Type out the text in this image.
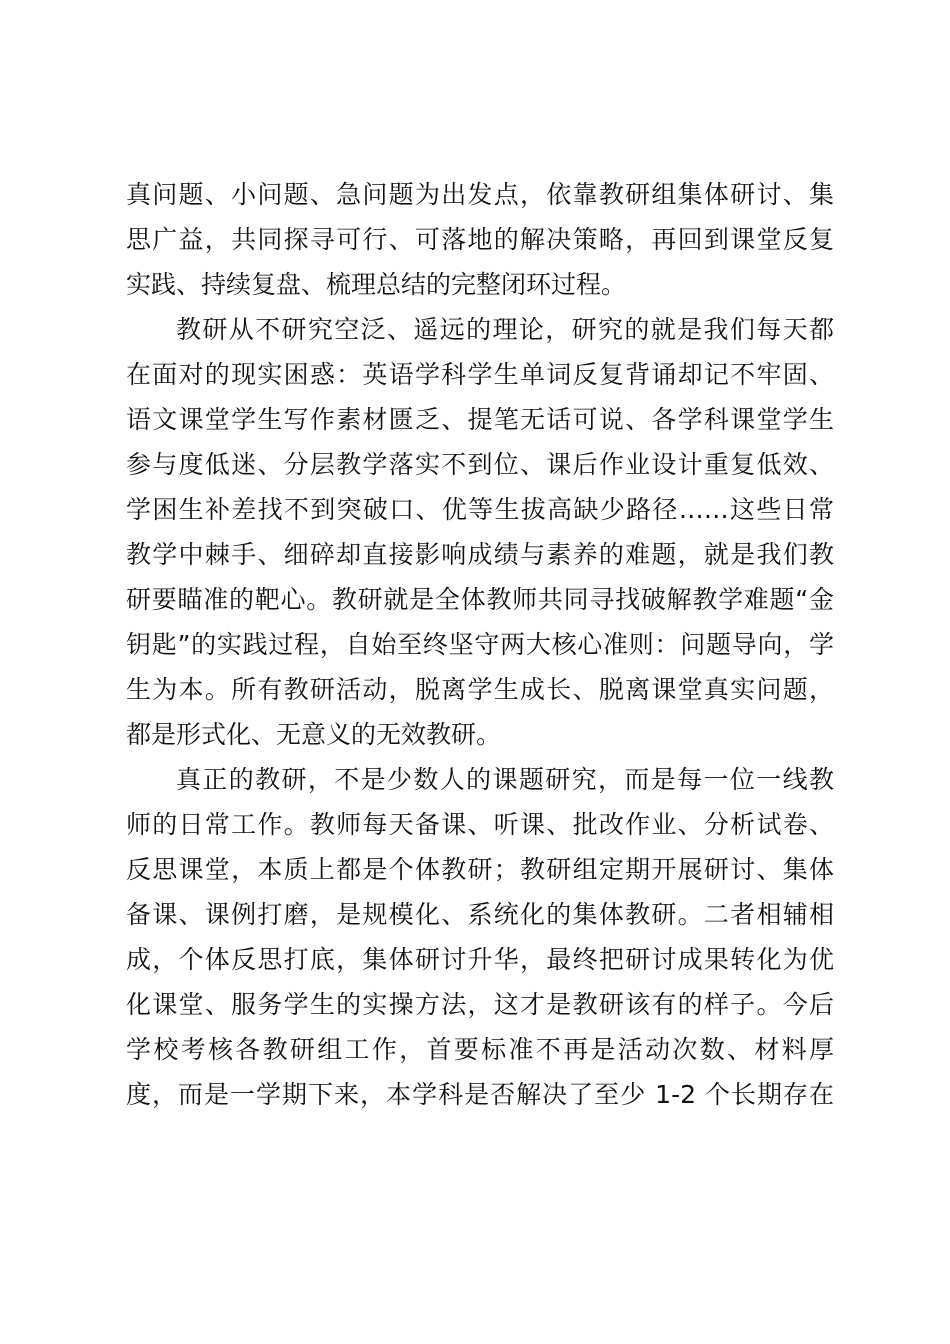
真问题、小问题、急问题为出发点，依靠教研组集体研讨、集
思广益，共同探寻可行、可落地的解决策略，再回到课堂反复
实践、持续复盘、梳理总结的完整闭环过程。
教研从不研究空泛、遥远的理论，研究的就是我们每天都
在面对的现实困惑：英语学科学生单词反复背诵却记不牢固、
语文课堂学生写作素材匮乏、提笔无话可说、各学科课堂学生
参与度低迷、分层教学落实不到位、课后作业设计重复低效、
学困生补差找不到突破口、优等生拔高缺少路径……这些日常
教学中棘手、细碎却直接影响成绩与素养的难题，就是我们教
研要瞄准的靶心。教研就是全体教师共同寻找破解教学难题“金
钥匙”的实践过程，自始至终坚守两大核心准则：问题导向，学
生为本。所有教研活动，脱离学生成长、脱离课堂真实问题，
都是形式化、无意义的无效教研。
真正的教研，不是少数人的课题研究，而是每一位一线教
师的日常工作。教师每天备课、听课、批改作业、分析试卷、
反思课堂，本质上都是个体教研；教研组定期开展研讨、集体
备课、课例打磨，是规模化、系统化的集体教研。二者相辅相
成，个体反思打底，集体研讨升华，最终把研讨成果转化为优
化课堂、服务学生的实操方法，这才是教研该有的样子。今后
学校考核各教研组工作，首要标准不再是活动次数、材料厚
度，而是一学期下来，本学科是否解决了至少 1-2 个长期存在
